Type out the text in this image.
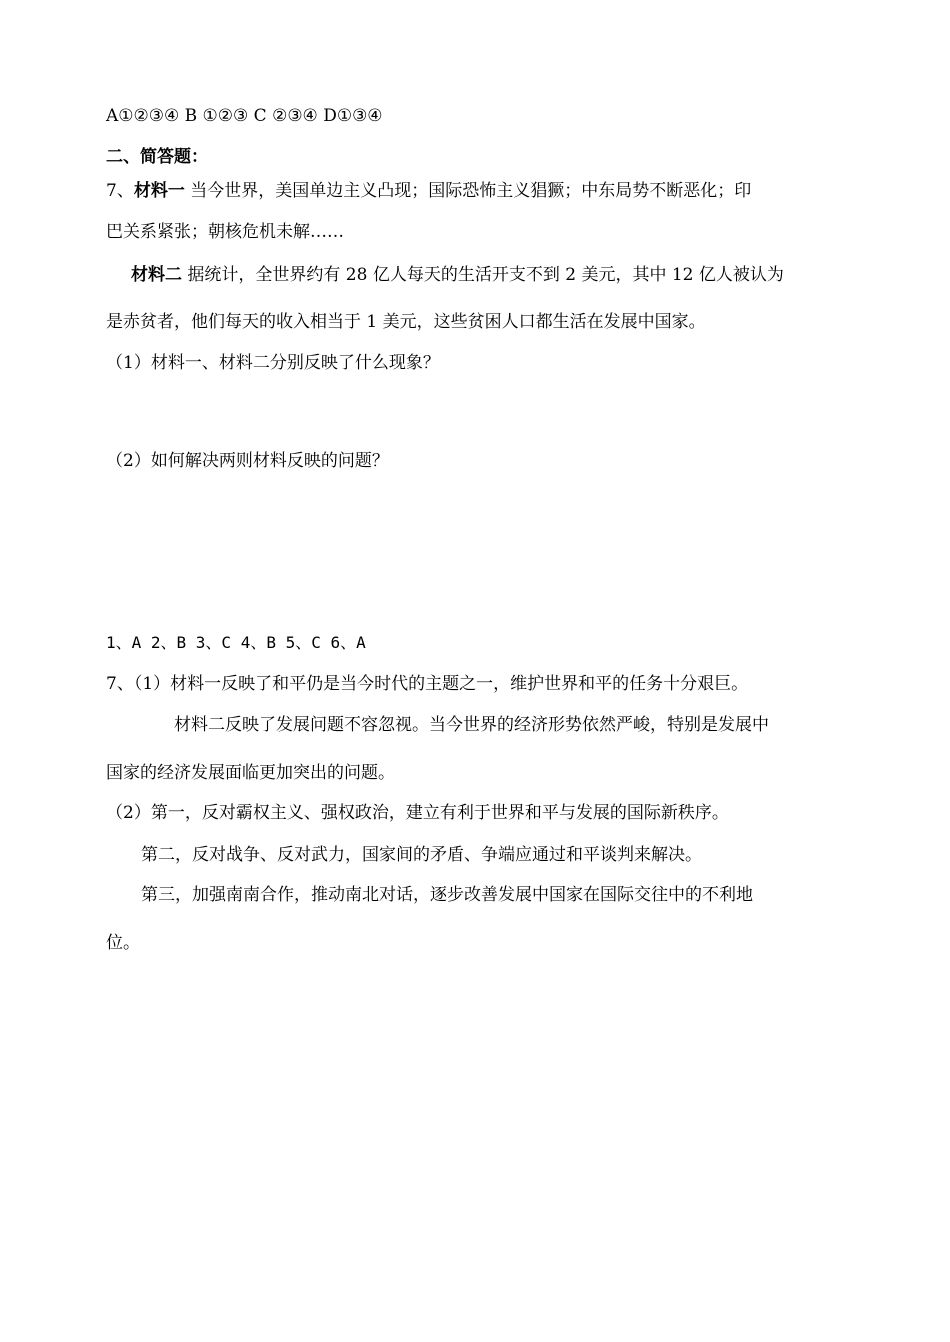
A①②③④ B ①②③ C ②③④ D①③④
二、简答题：
7、材料一 当今世界，美国单边主义凸现；国际恐怖主义猖獗；中东局势不断恶化；印
巴关系紧张；朝核危机未解……
材料二 据统计，全世界约有 28 亿人每天的生活开支不到 2 美元，其中 12 亿人被认为
是赤贫者，他们每天的收入相当于 1 美元，这些贫困人口都生活在发展中国家。
（1）材料一、材料二分别反映了什么现象？
（2）如何解决两则材料反映的问题？
1、A 2、B 3、C 4、B 5、C 6、A
7、（1）材料一反映了和平仍是当今时代的主题之一，维护世界和平的任务十分艰巨。
材料二反映了发展问题不容忽视。当今世界的经济形势依然严峻，特别是发展中
国家的经济发展面临更加突出的问题。
（2）第一，反对霸权主义、强权政治，建立有利于世界和平与发展的国际新秩序。
第二，反对战争、反对武力，国家间的矛盾、争端应通过和平谈判来解决。
第三，加强南南合作，推动南北对话，逐步改善发展中国家在国际交往中的不利地
位。
